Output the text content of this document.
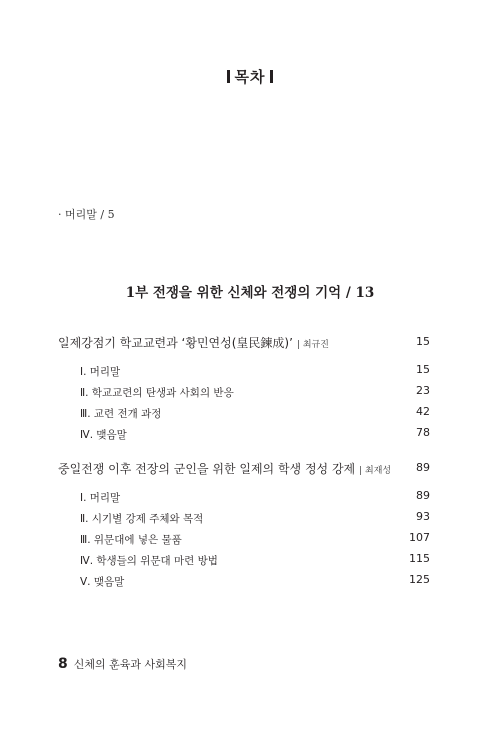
목차
· 머리말 / 5
1부 전쟁을 위한 신체와 전쟁의 기억 / 13
일제강점기 학교교련과 ‘황민연성(皇民鍊成)’ | 최규진	15
Ⅰ. 머리말	15
Ⅱ. 학교교련의 탄생과 사회의 반응	23
Ⅲ. 교련 전개 과정	42
Ⅳ. 맺음말	78
중일전쟁 이후 전장의 군인을 위한 일제의 학생 정성 강제 | 최재성 89
Ⅰ. 머리말	89
Ⅱ. 시기별 강제 주체와 목적	93
Ⅲ. 위문대에 넣은 물품	107
Ⅳ. 학생들의 위문대 마련 방법	115
Ⅴ. 맺음말	125
8 신체의 훈육과 사회복지
